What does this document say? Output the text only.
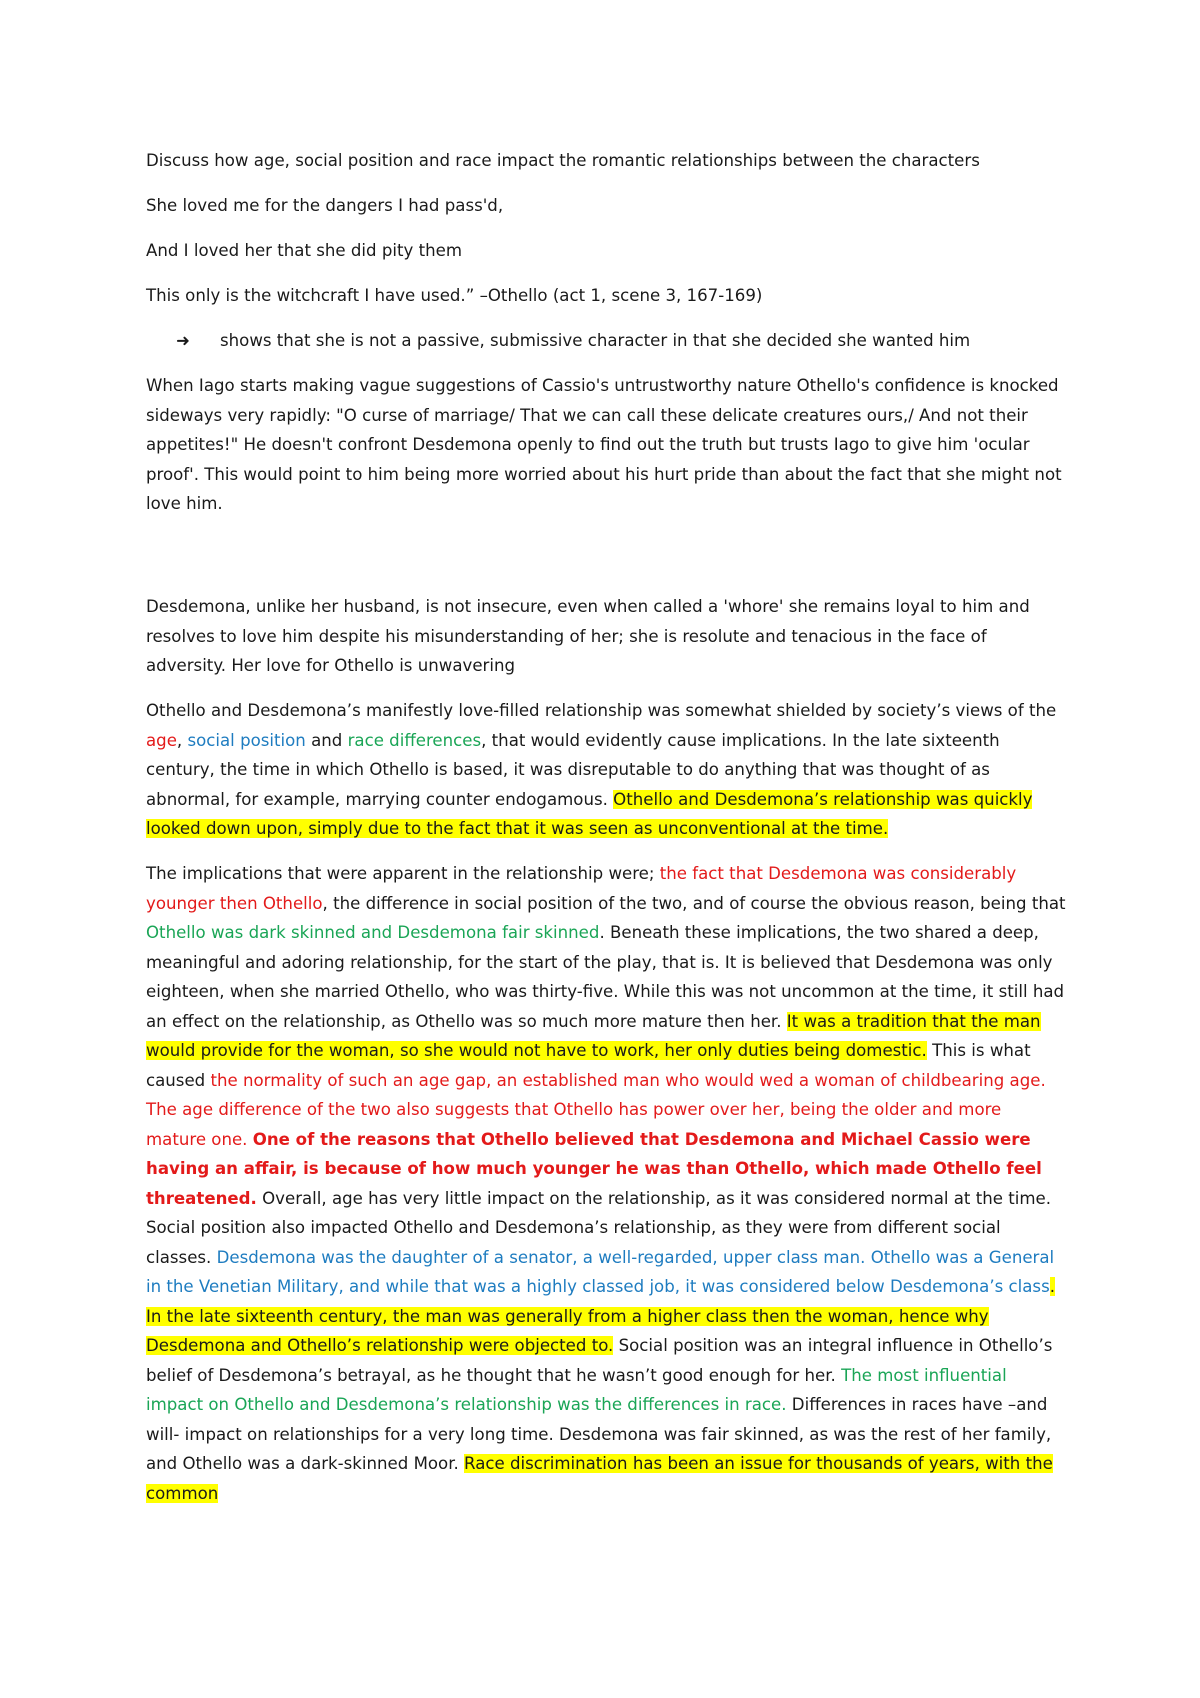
Discuss how age, social position and race impact the romantic relationships between the characters

She loved me for the dangers I had pass'd,

And I loved her that she did pity them

This only is the witchcraft I have used.” –Othello (act 1, scene 3, 167-169)

➜ shows that she is not a passive, submissive character in that she decided she wanted him

When Iago starts making vague suggestions of Cassio's untrustworthy nature Othello's confidence is knocked sideways very rapidly: "O curse of marriage/ That we can call these delicate creatures ours,/ And not their appetites!" He doesn't confront Desdemona openly to find out the truth but trusts Iago to give him 'ocular proof'. This would point to him being more worried about his hurt pride than about the fact that she might not love him.

Desdemona, unlike her husband, is not insecure, even when called a 'whore' she remains loyal to him and resolves to love him despite his misunderstanding of her; she is resolute and tenacious in the face of adversity. Her love for Othello is unwavering

Othello and Desdemona’s manifestly love-filled relationship was somewhat shielded by society’s views of the age, social position and race differences, that would evidently cause implications. In the late sixteenth century, the time in which Othello is based, it was disreputable to do anything that was thought of as abnormal, for example, marrying counter endogamous. Othello and Desdemona’s relationship was quickly looked down upon, simply due to the fact that it was seen as unconventional at the time.

The implications that were apparent in the relationship were; the fact that Desdemona was considerably younger then Othello, the difference in social position of the two, and of course the obvious reason, being that Othello was dark skinned and Desdemona fair skinned. Beneath these implications, the two shared a deep, meaningful and adoring relationship, for the start of the play, that is. It is believed that Desdemona was only eighteen, when she married Othello, who was thirty-five. While this was not uncommon at the time, it still had an effect on the relationship, as Othello was so much more mature then her. It was a tradition that the man would provide for the woman, so she would not have to work, her only duties being domestic. This is what caused the normality of such an age gap, an established man who would wed a woman of childbearing age. The age difference of the two also suggests that Othello has power over her, being the older and more mature one. One of the reasons that Othello believed that Desdemona and Michael Cassio were having an affair, is because of how much younger he was than Othello, which made Othello feel threatened. Overall, age has very little impact on the relationship, as it was considered normal at the time. Social position also impacted Othello and Desdemona’s relationship, as they were from different social classes. Desdemona was the daughter of a senator, a well-regarded, upper class man. Othello was a General in the Venetian Military, and while that was a highly classed job, it was considered below Desdemona’s class. In the late sixteenth century, the man was generally from a higher class then the woman, hence why Desdemona and Othello’s relationship were objected to. Social position was an integral influence in Othello’s belief of Desdemona’s betrayal, as he thought that he wasn’t good enough for her. The most influential impact on Othello and Desdemona’s relationship was the differences in race. Differences in races have –and will- impact on relationships for a very long time. Desdemona was fair skinned, as was the rest of her family, and Othello was a dark-skinned Moor. Race discrimination has been an issue for thousands of years, with the common
